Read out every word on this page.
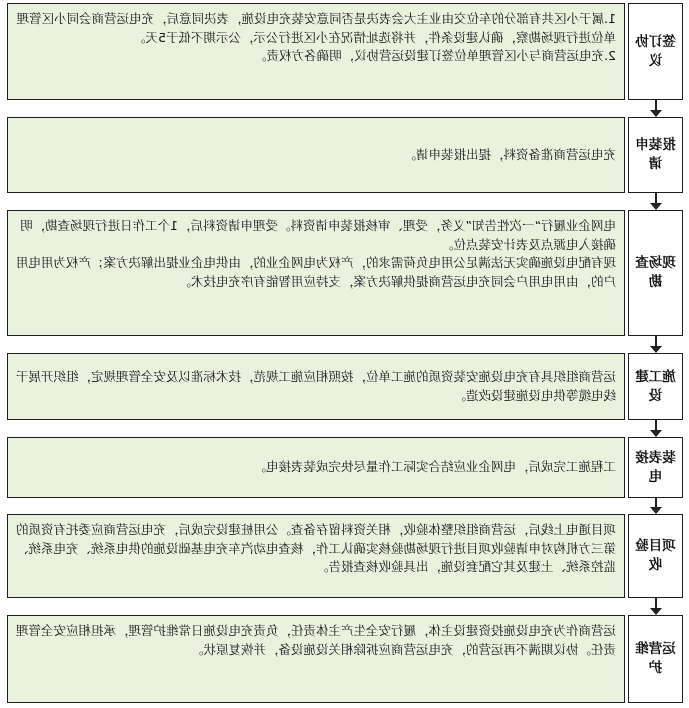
签订协议

1.属于小区共有部分的车位交由业主大会表决是否同意安装充电设施，表决同意后，充电运营商会同小区管理单位进行现场勘察，确认建设条件，并将选址情况在小区进行公示，公示期不低于5天。

2.充电运营商与小区管理单位签订建设运营协议，明确各方权责。

报装申请

充电运营商准备资料，提出报装申请。

现场查勘

电网企业履行“一次性告知”义务，受理、审核报装申请资料。受理申请资料后，1个工作日进行现场查勘，明确接入电源点及表计安装点位。

现有配电设施确实无法满足公用电负荷需求的，产权为电网企业的，由供电企业提出解决方案；产权为用电用户的，由用电用户会同充电运营商提供解决方案，支持应用智能有序充电技术。

施工建设

运营商组织具有充电设施安装资质的施工单位，按照相应施工规范，技术标准以及安全管理规定，组织开展干线电缆等供电设施建设改造。

装表接电

工程施工完成后，电网企业应结合实际工作量尽快完成装表接电。

项目验收

项目通电上线后，运营商组织整体验收，相关资料留存备查。公用桩建设完成后，充电运营商应委托有资质的第三方机构对申请验收项目进行现场勘验核实确认工作，核查电动汽车充电基础设施的供电系统、充电系统、监控系统、土建及其它配套设施，出具验收核查报告。

运营维护

运营商作为充电设施投资建设主体，履行安全生产主体责任，负责充电设施日常维护管理，承担相应安全管理责任。协议期满不再运营的，充电运营商应拆除相关设施设备，并恢复原状。
